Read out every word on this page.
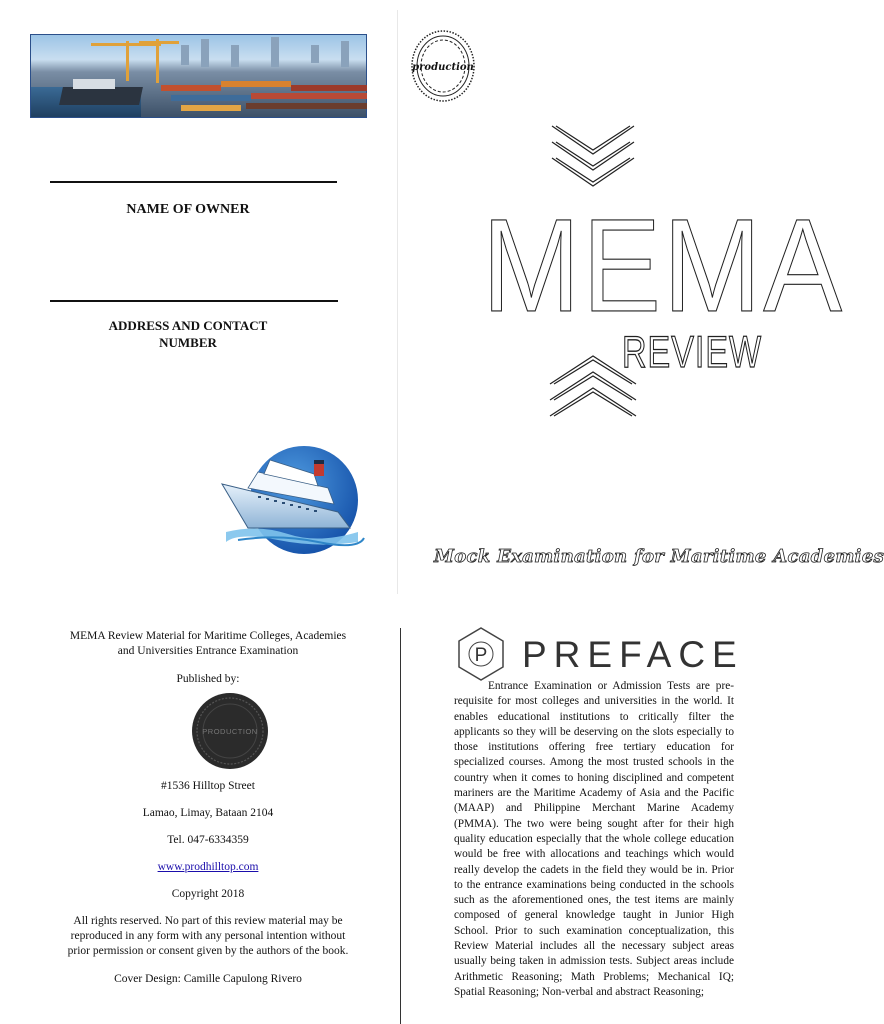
NAME OF OWNER
ADDRESS AND CONTACT
NUMBER
production
MEMA
REVIEW
Mock Examination for Maritime Academies
MEMA Review Material for Maritime Colleges, Academies
and Universities Entrance Examination
Published by:
PRODUCTION
#1536 Hilltop Street
Lamao, Limay, Bataan 2104
Tel. 047-6334359
www.prodhilltop.com
Copyright 2018
All rights reserved. No part of this review material may be
reproduced in any form with any personal intention without
prior permission or consent given by the authors of the book.
Cover Design: Camille Capulong Rivero
P PREFACE
Entrance Examination or Admission Tests are pre-requisite for most colleges and universities in the world. It enables educational institutions to critically filter the applicants so they will be deserving on the slots especially to those institutions offering free tertiary education for specialized courses. Among the most trusted schools in the country when it comes to honing disciplined and competent mariners are the Maritime Academy of Asia and the Pacific (MAAP) and Philippine Merchant Marine Academy (PMMA). The two were being sought after for their high quality education especially that the whole college education would be free with allocations and teachings which would really develop the cadets in the field they would be in. Prior to the entrance examinations being conducted in the schools such as the aforementioned ones, the test items are mainly composed of general knowledge taught in Junior High School. Prior to such examination conceptualization, this Review Material includes all the necessary subject areas usually being taken in admission tests. Subject areas include Arithmetic Reasoning; Math Problems; Mechanical IQ; Spatial Reasoning; Non-verbal and abstract Reasoning;
